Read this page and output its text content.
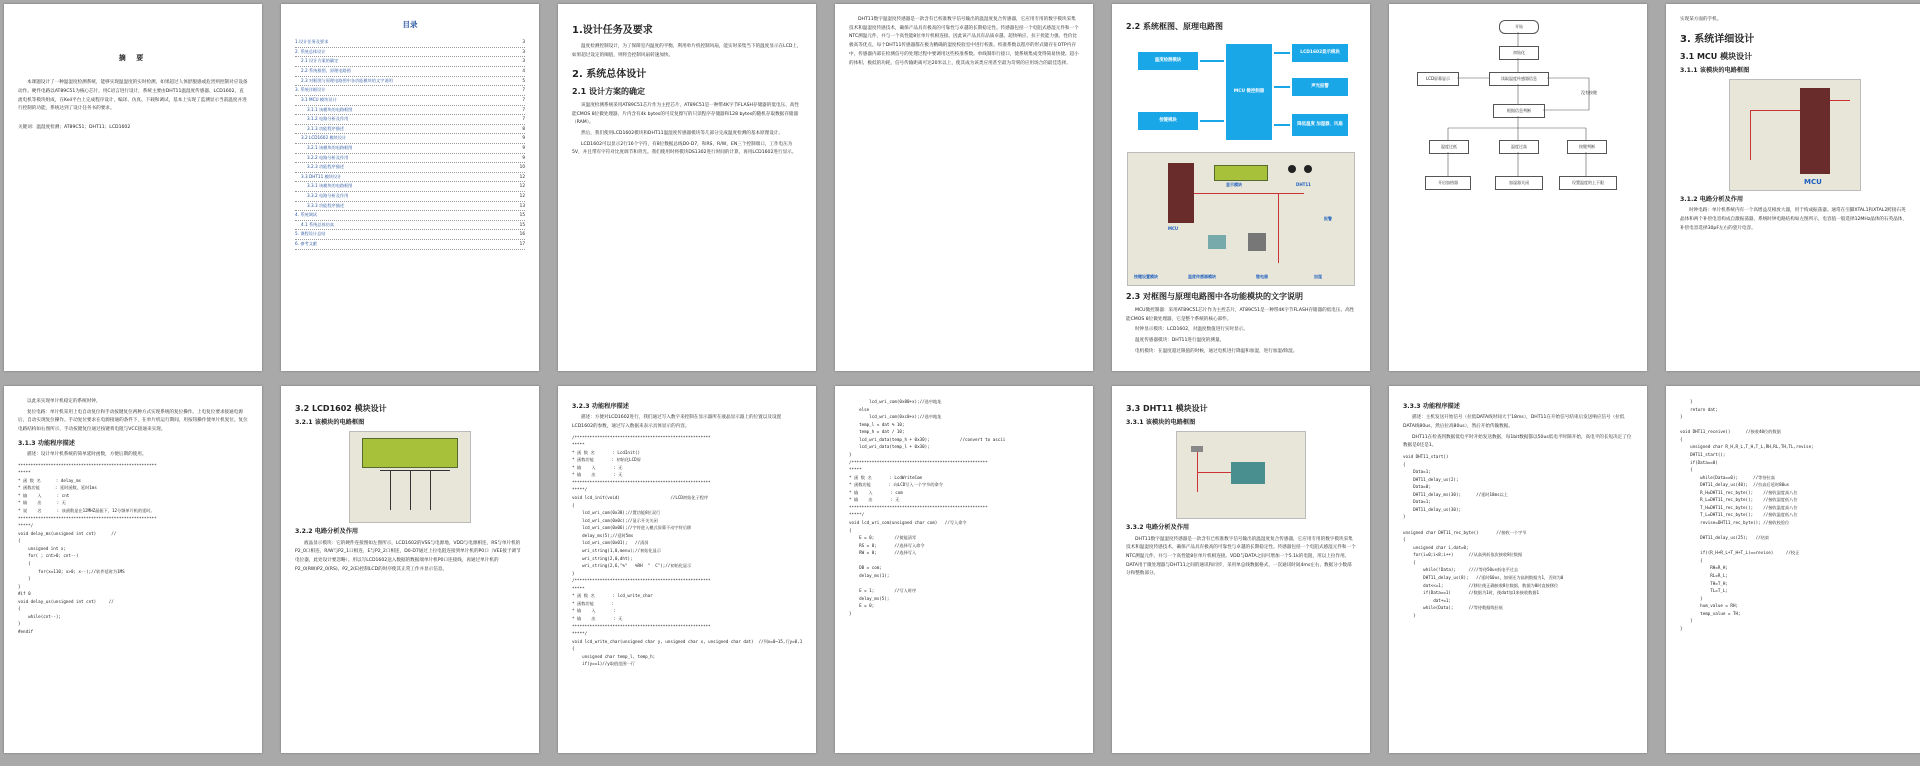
摘 要
本课题设计了一种温湿度检测系统，能够实现温湿度的实时检测，如果超过人体舒服感或危害则控制对应设备动作。硬件电路以AT89C51为核心芯片，用C语言进行设计，系统主要由DHT11温湿度传感器、LCD1602、直流电机等模块组成，在Keil平台上完成程序设计，编译、仿真、下载和调试，基本上实现了监测显示当前温度并进行控制的功能，系统达到了设计任务书的要求。
关键词：温湿度检测；AT89C51；DHT11；LCD1602
目录
1.设计任务及要求	3
2. 系统总体设计	3
2.1 设计方案的确定	3
2.2 系统框图、原理电路图	4
2.3 对框图与原理电路图中各功能模块的文字说明	5
3. 系统详细设计	7
3.1 MCU 模块设计	7
3.1.1 该模块的电路框图	7
3.1.2 电路分析及作用	7
3.1.3 功能程序描述	8
3.2 LCD1602 模块设计	9
3.2.1 该模块的电路框图	9
3.2.2 电路分析及作用	9
3.2.3 功能程序描述	10
3.3 DHT11 模块设计	12
3.3.1 该模块的电路框图	12
3.3.2 电路分析及作用	12
3.3.3 功能程序描述	13
4. 系统调试	15
4.1 系统总体仿真	15
5. 课程设计总结	16
6. 参考文献	17
1.设计任务及要求
温度检测控制设计，为了保障室内温度的平衡，利用单片机控制风扇，能实时采集当下的温度显示在LCD上，如果超过设定的阈值，则将会控制风扇转速加快。
2. 系统总体设计
2.1 设计方案的确定
该温度检测系统采用AT89C51芯片作为主控芯片，AT89C51是一种带4K字节FLASH存储器的低电压、高性能CMOS 8位微处理器，片内含有4k bytes的可反复擦写的只读程序存储器和128 bytes的随机存取数据存储器（RAM）。
然后，我们使用LCD1602模块和DHT11温湿度传感器模块等几部分完成温度检测的基本原理设计。
LCD1602可以显示2行16个字符，有8位数据总线D0-D7，和RS，R/W，EN三个控制端口，工作电压为5V，并且带有字符对比度调节和背光。我们使用时将模块DS1302进行时间的计算，再用LCD1602进行显示。
DHT11数字温湿度传感器是一款含有已校准数字信号输出的温湿度复合传感器，它应用专用的数字模块采集技术和温湿度传感技术，确保产品具有极高的可靠性与卓越的长期稳定性。传感器包括一个电阻式感湿元件和一个NTC测温元件，并与一个高性能8位单片机相连接。因此该产品具有品质卓越、超快响应、抗干扰能力强、性价比极高等优点。每个DHT11传感器都在极为精确的湿度校验室中进行校准。校准系数以程序的形式储存在OTP内存中，传感器内部在检测信号的处理过程中要调用这些校准系数。单线制串行接口，使系统集成变得简易快捷。超小的体积、极低的功耗，信号传输距离可达20米以上，使其成为该类应用甚至最为苛刻的应用场合的最佳选择。
2.2 系统框图、原理电路图
温度检测模块
按键模块
MCU 微控制器
LCD1602显示模块
声光报警
降低温度 加湿器、风扇
MCU
显示模块	DHT11
报警
按键设置模块	温度传感器模块	继电器	加湿
2.3 对框图与原理电路图中各功能模块的文字说明
MCU微控制器：采用AT89C51芯片作为主控芯片，AT89C51是一种带4K字节FLASH存储器的低电压、高性能CMOS 8位微处理器，它是整个系统的核心部件。
时钟显示模块：LCD1602，对温度数值进行实时显示。
温度传感器模块：DHT11进行温度的测量。
电机模块：在温度超过限值的时候，通过电机进行降温和加湿，进行加湿/除湿。
开始
初始化
读取温度传感器信息
LCD屏幕显示
没有按键
根据信息判断
温度过低	温度过高	按键判断
开启加热器	加湿器关闭	设置温度的上下限
实现某方面的手机。
3. 系统详细设计
3.1 MCU 模块设计
3.1.1 该模块的电路框图
MCU
3.1.2 电路分析及作用
时钟电路：单片机系统内有一个高增益反相放大器，用于构成振荡器。通常在引脚XTAL1和XTAL2跨接石英晶体和两个补偿电容构成自激振荡器，系统时钟电路结构如左图所示，电容值一般选择12MHz晶体的石英晶体，补偿电容选择30pF左右的瓷片电容。
以此来实现单片机稳定的系统时钟。
复位电路：单片机采用上电自动复位和手动按键复位两种方式实现系统的复位操作。上电复位要求接通电源后，自动实现复位操作。手动复位要求在电源接通的条件下，在单片机运行期间，用按钮操作使单片机复位。复位电路结构如右图所示，手动按键复位通过按键将电阻与VCC接通来实现。
3.1.3 功能程序描述
描述：设计单片机系统的简单延时函数，方便后期的使用。
*******************************************************
*****
* 函 数 名      : delay_ms
* 函数功能      : 延时函数，延时1ms
* 输    入      : cnt
* 输    出      : 无
* 说    名      : 该函数是在12MHZ晶振下，12分频单片机的延时。
*******************************************************
*****/
void delay_ms(unsigned int cnt)      //
{
unsigned int x;
for( ; cnt>0; cnt--)
{
for(x=110; x>0; x--);//软件延时为1MS
}
}
#if 0
void delay_us(unsigned int cnt)     //
{
while(cnt--);
}
#endif
3.2 LCD1602 模块设计
3.2.1 该模块的电路框图
3.2.2 电路分析及作用
液晶显示模块：它的硬件连接图如左图所示，LCD1602的VSS与电源地，VDD与电源相连，RS与单片机的P2_0口相连，R/W与P2_1口相连，E与P2_2口相连，D0-D7通过上拉电阻连接到单片机的P0口（VEE接于调节电位器，此处设计要忽略）。用以写LCD1602送入数据的数据端单片机P0口连接线，再通过单片机的P2_0(RW)P2_0(RS)、P2_2(E)控制LCD的时序使其正常工作并显示信息。
3.2.3 功能程序描述
描述：方便对LCD1602进行，我们通过写入数字来控制在显示器所在液晶显示器上的位置以及设置LCD1602的参数，通过写入数据来表示具体显示的内容。
/******************************************************
*****
* 函 数 名       : LcdInit()
* 函数功能       : 初始化LCD屏
* 输    入       : 无
* 输    出       : 无
*******************************************************
*****/
void lcd_init(void)                    //LCD初始化子程序
{
lcd_wri_com(0x38);//置功能8位双行
lcd_wri_com(0x0c);//显示开关关闭
lcd_wri_com(0x06);//字符进入模式屏幕不动字符后移
delay_ms(5);//延时5ms
lcd_wri_com(0x01);   //清屏
wri_string(1,0,menu);//初始化显示
wri_string(2,0,dht);
wri_string(2,6,"%"   %RH  °  C");//初始化显示
}
/******************************************************
*****
* 函 数 名       : lcd_write_char
* 函数功能       :
* 输    入       :
* 输    出       : 无
*******************************************************
*****/
void lcd_write_char(unsigned char y, unsigned char x, unsigned char dat)  //列x=0~15,行y=0,1
{
unsigned char temp_l, temp_h;
if(y==1)//y取值范围一行
lcd_wri_com(0x80+x);//选中地址
else
lcd_wri_com(0xc0+x);//选中地址
temp_l = dat % 10;
temp_h = dat / 10;
lcd_wri_data(temp_h + 0x30);            //convert to ascii
lcd_wri_data(temp_l + 0x30);
}
/******************************************************
*****
* 函 数 名       : LcdWriteCom
* 函数功能       : 向LCD写入一个字节的命令
* 输    入       : com
* 输    出       : 无
*******************************************************
*****/
void lcd_wri_com(unsigned char com)   //写入命令
{
E = 0;        //使能清零
RS = 0;       //选择写入命令
RW = 0;       //选择写入

DB = com;
delay_ms(1);

E = 1;        //写入时序
delay_ms(5);
E = 0;
}
3.3 DHT11 模块设计
3.3.1 该模块的电路框图
3.3.2 电路分析及作用
DHT11数字温湿度传感器是一款含有已校准数字信号输出的温湿度复合传感器，它应用专用的数字模块采集技术和温湿度传感技术，确保产品具有极高的可靠性与卓越的长期稳定性。传感器包括一个电阻式感湿元件和一个NTC测温元件，并与一个高性能8位单片机相连接。VDD与DATA之间可增加一个5.1k的电阻，用以上拉作用。DATA用于微处理器与DHT11之间的通讯和同步，采用单总线数据格式，一次通讯时间4ms左右，数据分小数部分和整数部分。
3.3.3 功能程序描述
描述：主机发送开始信号（拉低DATA线时间大于18ms），DHT11在开始信号结束后发送响应信号（拉低DATA线80us，然后拉高80us），然后开始传输数据。
DHT11在检查到数据低电平时开始发送数据，每1bit数据都以50us低电平时隙开始，高电平的长短决定了位数据是0还是1。
void DHT11_start()
{
Data=1;
DHT11_delay_us(2);
Data=0;
DHT11_delay_ms(30);      //延时18ms以上
Data=1;
DHT11_delay_us(30);
}

unsigned char DHT11_rec_byte()       //接收一个字节
{
unsigned char i,dat=0;
for(i=0;i<8;i++)      //从高到低依次接收8位数据
{
while(!Data);     ////等待50us低电平过去
DHT11_delay_us(8);   //延时60us，如果还为高则数据为1，否则为0
dat<<=1;          //移位使正确接收8位数据，数据为0时直接移位
if(Data==1)       //数据为1时，使dat加1来接收数据1
dat+=1;
while(Data);      //等待数据线拉低
}
}
return dat;
}

void DHT11_receive()      //接收40位的数据
{
unsigned char R_H,R_L,T_H,T_L,RH,RL,TH,TL,revise;
DHT11_start();
if(Data==0)
{
while(Data==0);      //等待拉高
DHT11_delay_us(40);  //拉高后延时80us
R_H=DHT11_rec_byte();    //接收湿度高八位
R_L=DHT11_rec_byte();    //接收湿度低八位
T_H=DHT11_rec_byte();    //接收温度高八位
T_L=DHT11_rec_byte();    //接收温度低八位
revise=DHT11_rec_byte(); //接收校验位

DHT11_delay_us(25);   //结束

if((R_H+R_L+T_H+T_L)==revise)     //校正
{
RH=R_H;
RL=R_L;
TH=T_H;
TL=T_L;
}
hum_value = RH;
temp_value = TH;
}
}
